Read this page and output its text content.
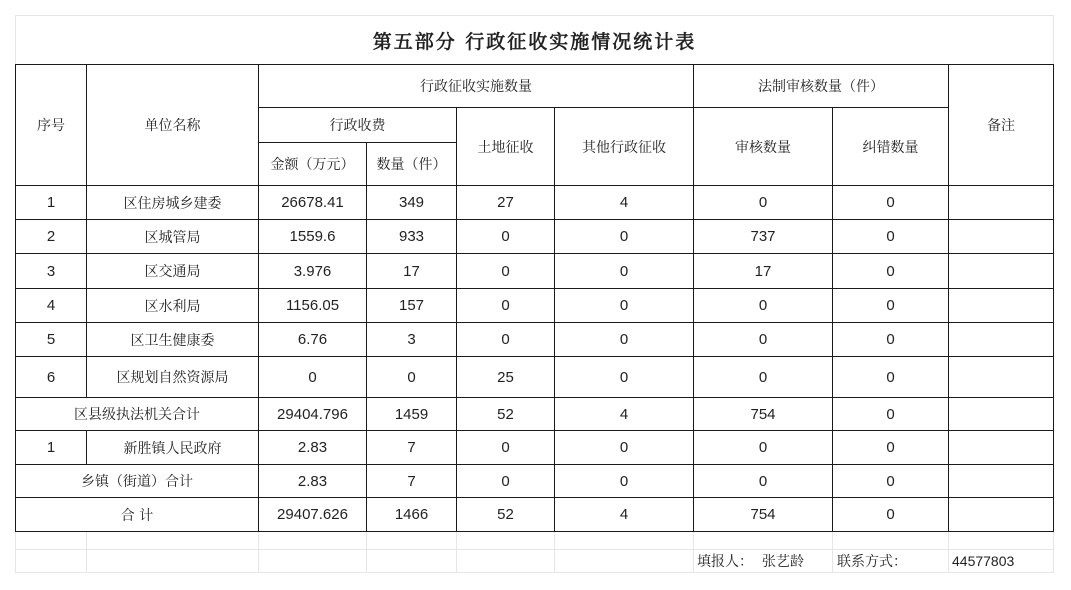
第五部分 行政征收实施情况统计表
序号	单位名称
行政征收实施数量	法制审核数量（件）
备注
行政收费
金额（万元）	数量（件）
土地征收	其他行政征收	审核数量	纠错数量
1	区住房城乡建委	26678.41	349	27	4	0	0
2	区城管局	1559.6	933	0	0	737	0
3	区交通局	3.976	17	0	0	17	0
4	区水利局	1156.05	157	0	0	0	0
5	区卫生健康委	6.76	3	0	0	0	0
6	区规划自然资源局	0	0	25	0	0	0
区县级执法机关合计	29404.796	1459	52	4	754	0
1	新胜镇人民政府	2.83	7	0	0	0	0
乡镇（街道）合计	2.83	7	0	0	0	0
合 计	29407.626	1466	52	4	754	0
填报人： 张艺龄	联系方式：	44577803
